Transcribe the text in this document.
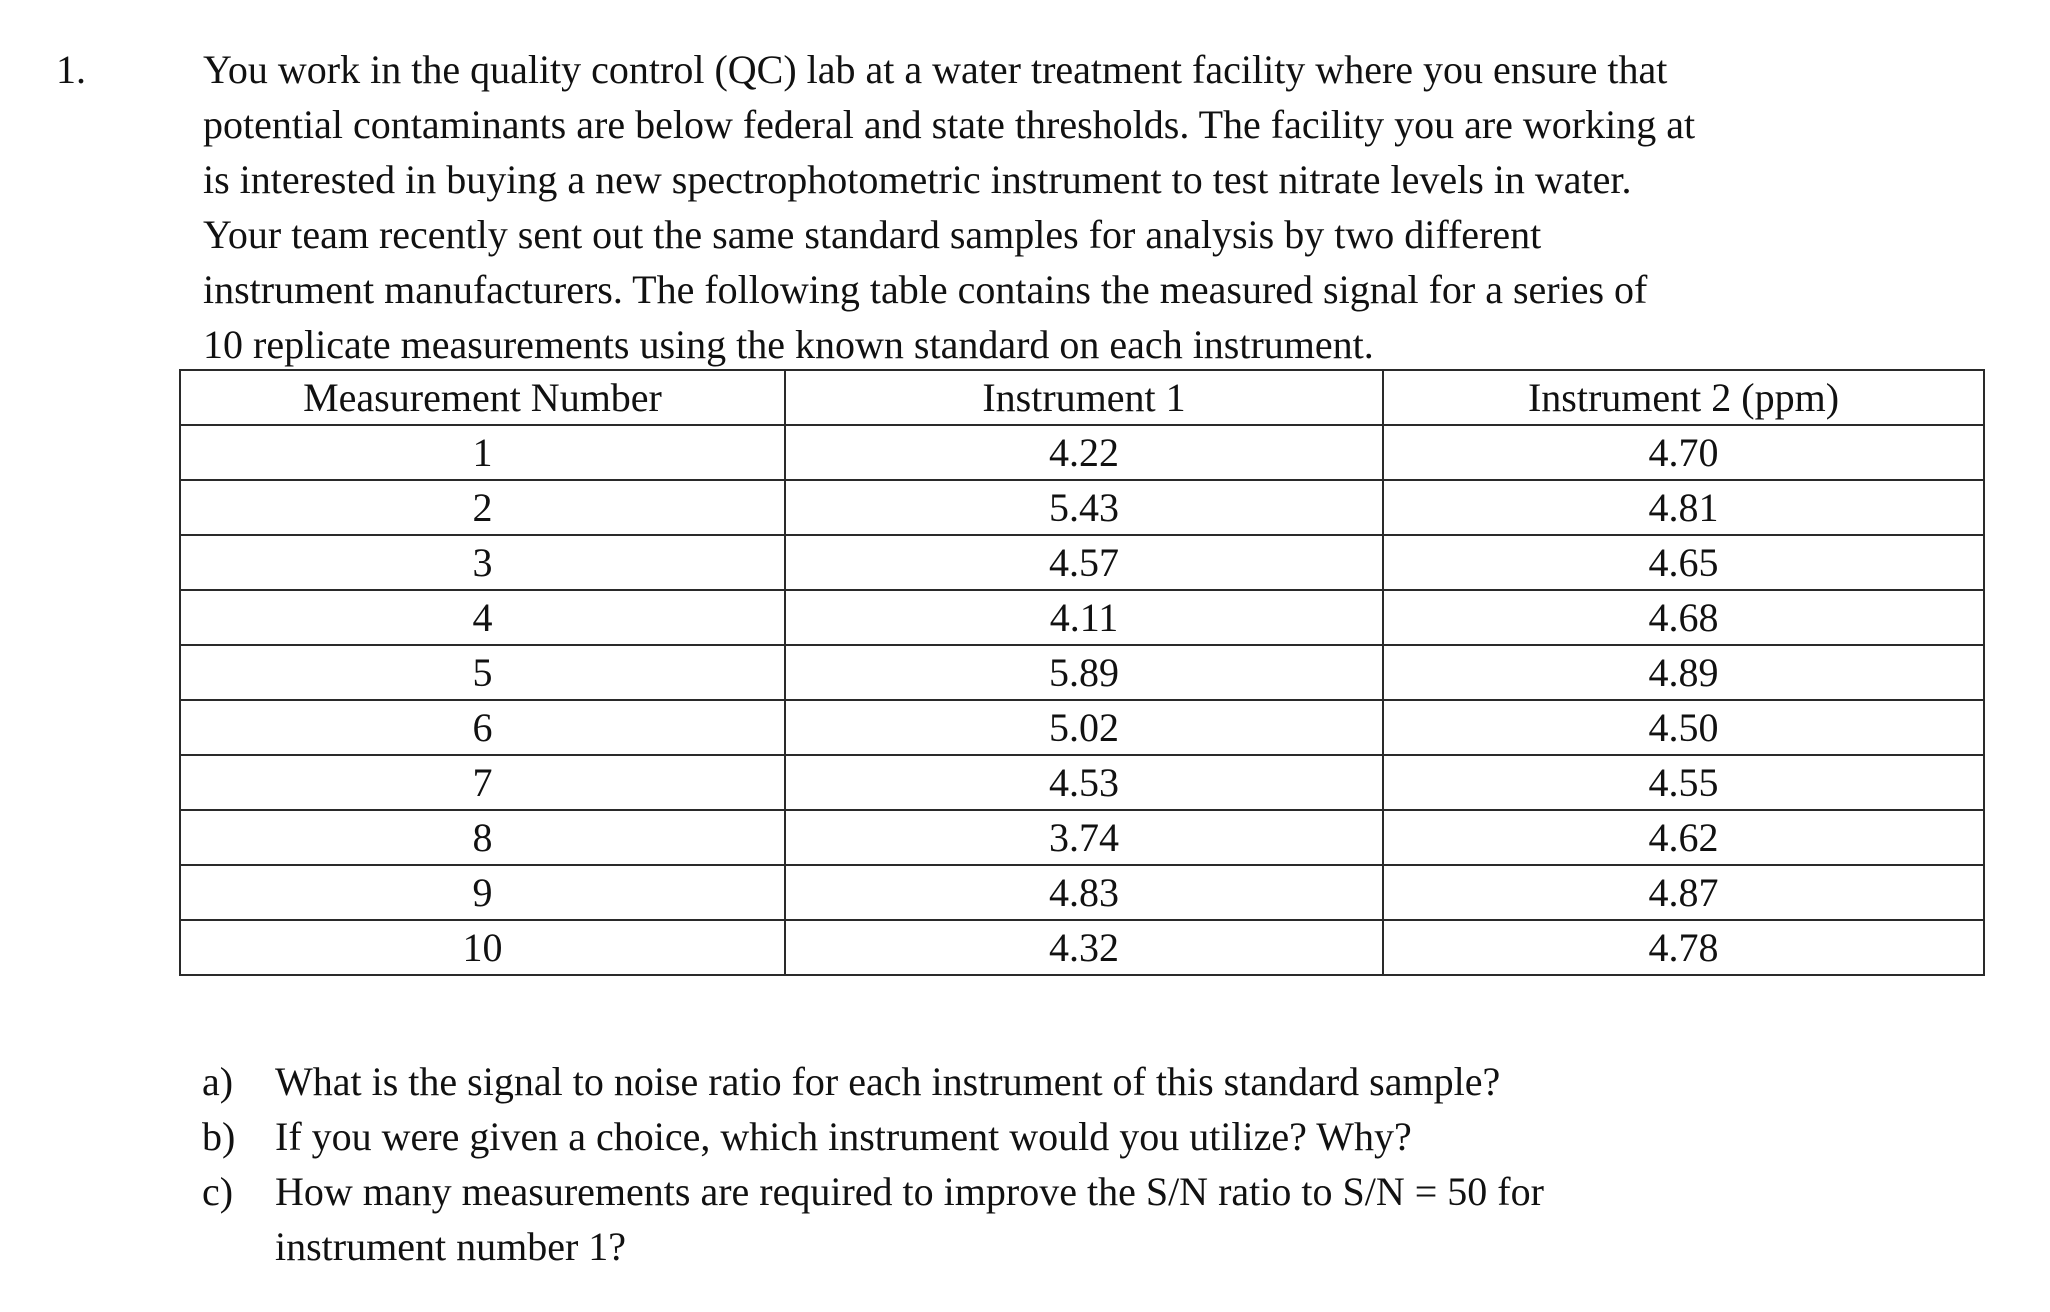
1.	You work in the quality control (QC) lab at a water treatment facility where you ensure that
potential contaminants are below federal and state thresholds. The facility you are working at
is interested in buying a new spectrophotometric instrument to test nitrate levels in water.
Your team recently sent out the same standard samples for analysis by two different
instrument manufacturers. The following table contains the measured signal for a series of
10 replicate measurements using the known standard on each instrument.
Measurement Number	Instrument 1	Instrument 2 (ppm)
1	4.22	4.70
2	5.43	4.81
3	4.57	4.65
4	4.11	4.68
5	5.89	4.89
6	5.02	4.50
7	4.53	4.55
8	3.74	4.62
9	4.83	4.87
10	4.32	4.78
a) What is the signal to noise ratio for each instrument of this standard sample?
b) If you were given a choice, which instrument would you utilize? Why?
c) How many measurements are required to improve the S/N ratio to S/N = 50 for
instrument number 1?
